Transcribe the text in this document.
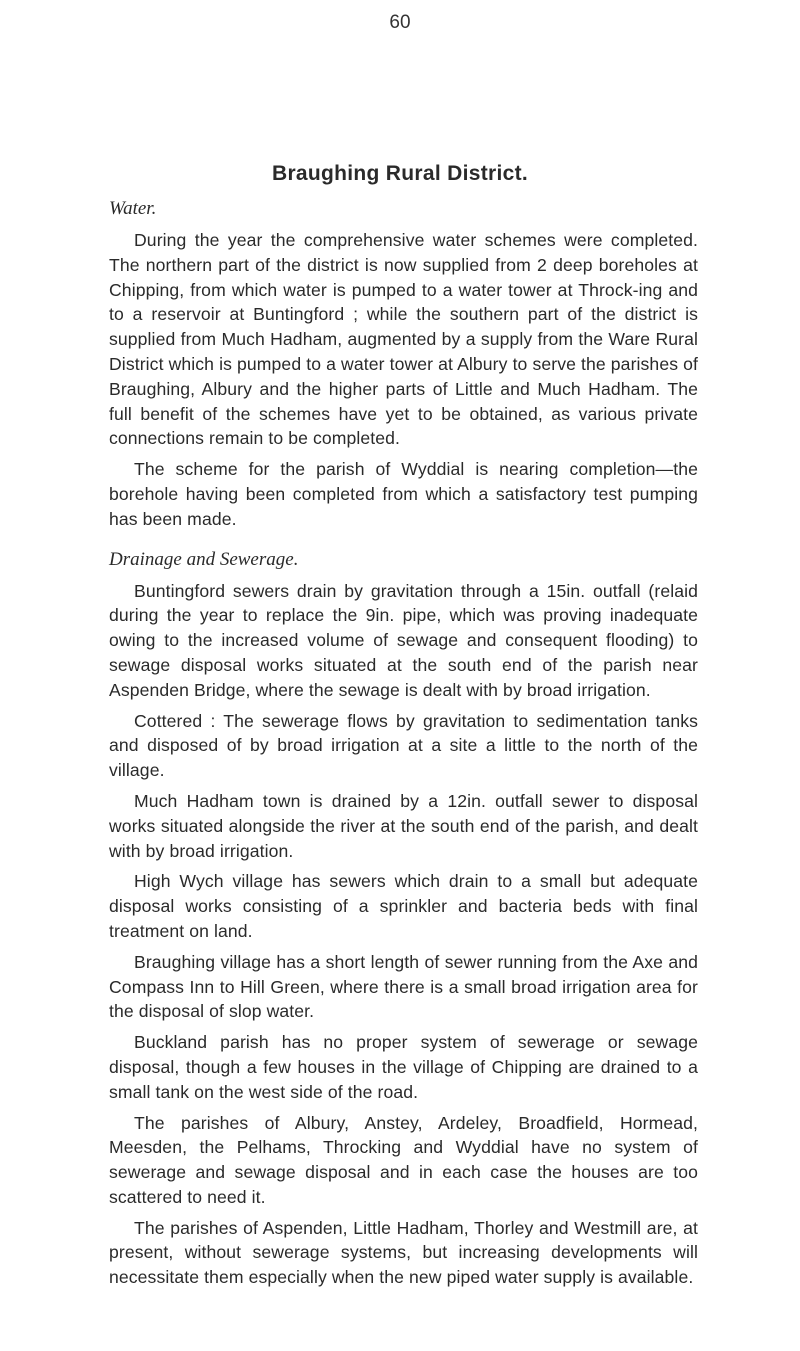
60
Braughing Rural District.

Water.

During the year the comprehensive water schemes were completed. The northern part of the district is now supplied from 2 deep boreholes at Chipping, from which water is pumped to a water tower at Throck-ing and to a reservoir at Buntingford ; while the southern part of the district is supplied from Much Hadham, augmented by a supply from the Ware Rural District which is pumped to a water tower at Albury to serve the parishes of Braughing, Albury and the higher parts of Little and Much Hadham. The full benefit of the schemes have yet to be obtained, as various private connections remain to be completed.

The scheme for the parish of Wyddial is nearing completion—the borehole having been completed from which a satisfactory test pumping has been made.

Drainage and Sewerage.

Buntingford sewers drain by gravitation through a 15in. outfall (relaid during the year to replace the 9in. pipe, which was proving inadequate owing to the increased volume of sewage and consequent flooding) to sewage disposal works situated at the south end of the parish near Aspenden Bridge, where the sewage is dealt with by broad irrigation.

Cottered : The sewerage flows by gravitation to sedimentation tanks and disposed of by broad irrigation at a site a little to the north of the village.

Much Hadham town is drained by a 12in. outfall sewer to disposal works situated alongside the river at the south end of the parish, and dealt with by broad irrigation.

High Wych village has sewers which drain to a small but adequate disposal works consisting of a sprinkler and bacteria beds with final treatment on land.

Braughing village has a short length of sewer running from the Axe and Compass Inn to Hill Green, where there is a small broad irrigation area for the disposal of slop water.

Buckland parish has no proper system of sewerage or sewage disposal, though a few houses in the village of Chipping are drained to a small tank on the west side of the road.

The parishes of Albury, Anstey, Ardeley, Broadfield, Hormead, Meesden, the Pelhams, Throcking and Wyddial have no system of sewerage and sewage disposal and in each case the houses are too scattered to need it.

The parishes of Aspenden, Little Hadham, Thorley and Westmill are, at present, without sewerage systems, but increasing developments will necessitate them especially when the new piped water supply is available.
